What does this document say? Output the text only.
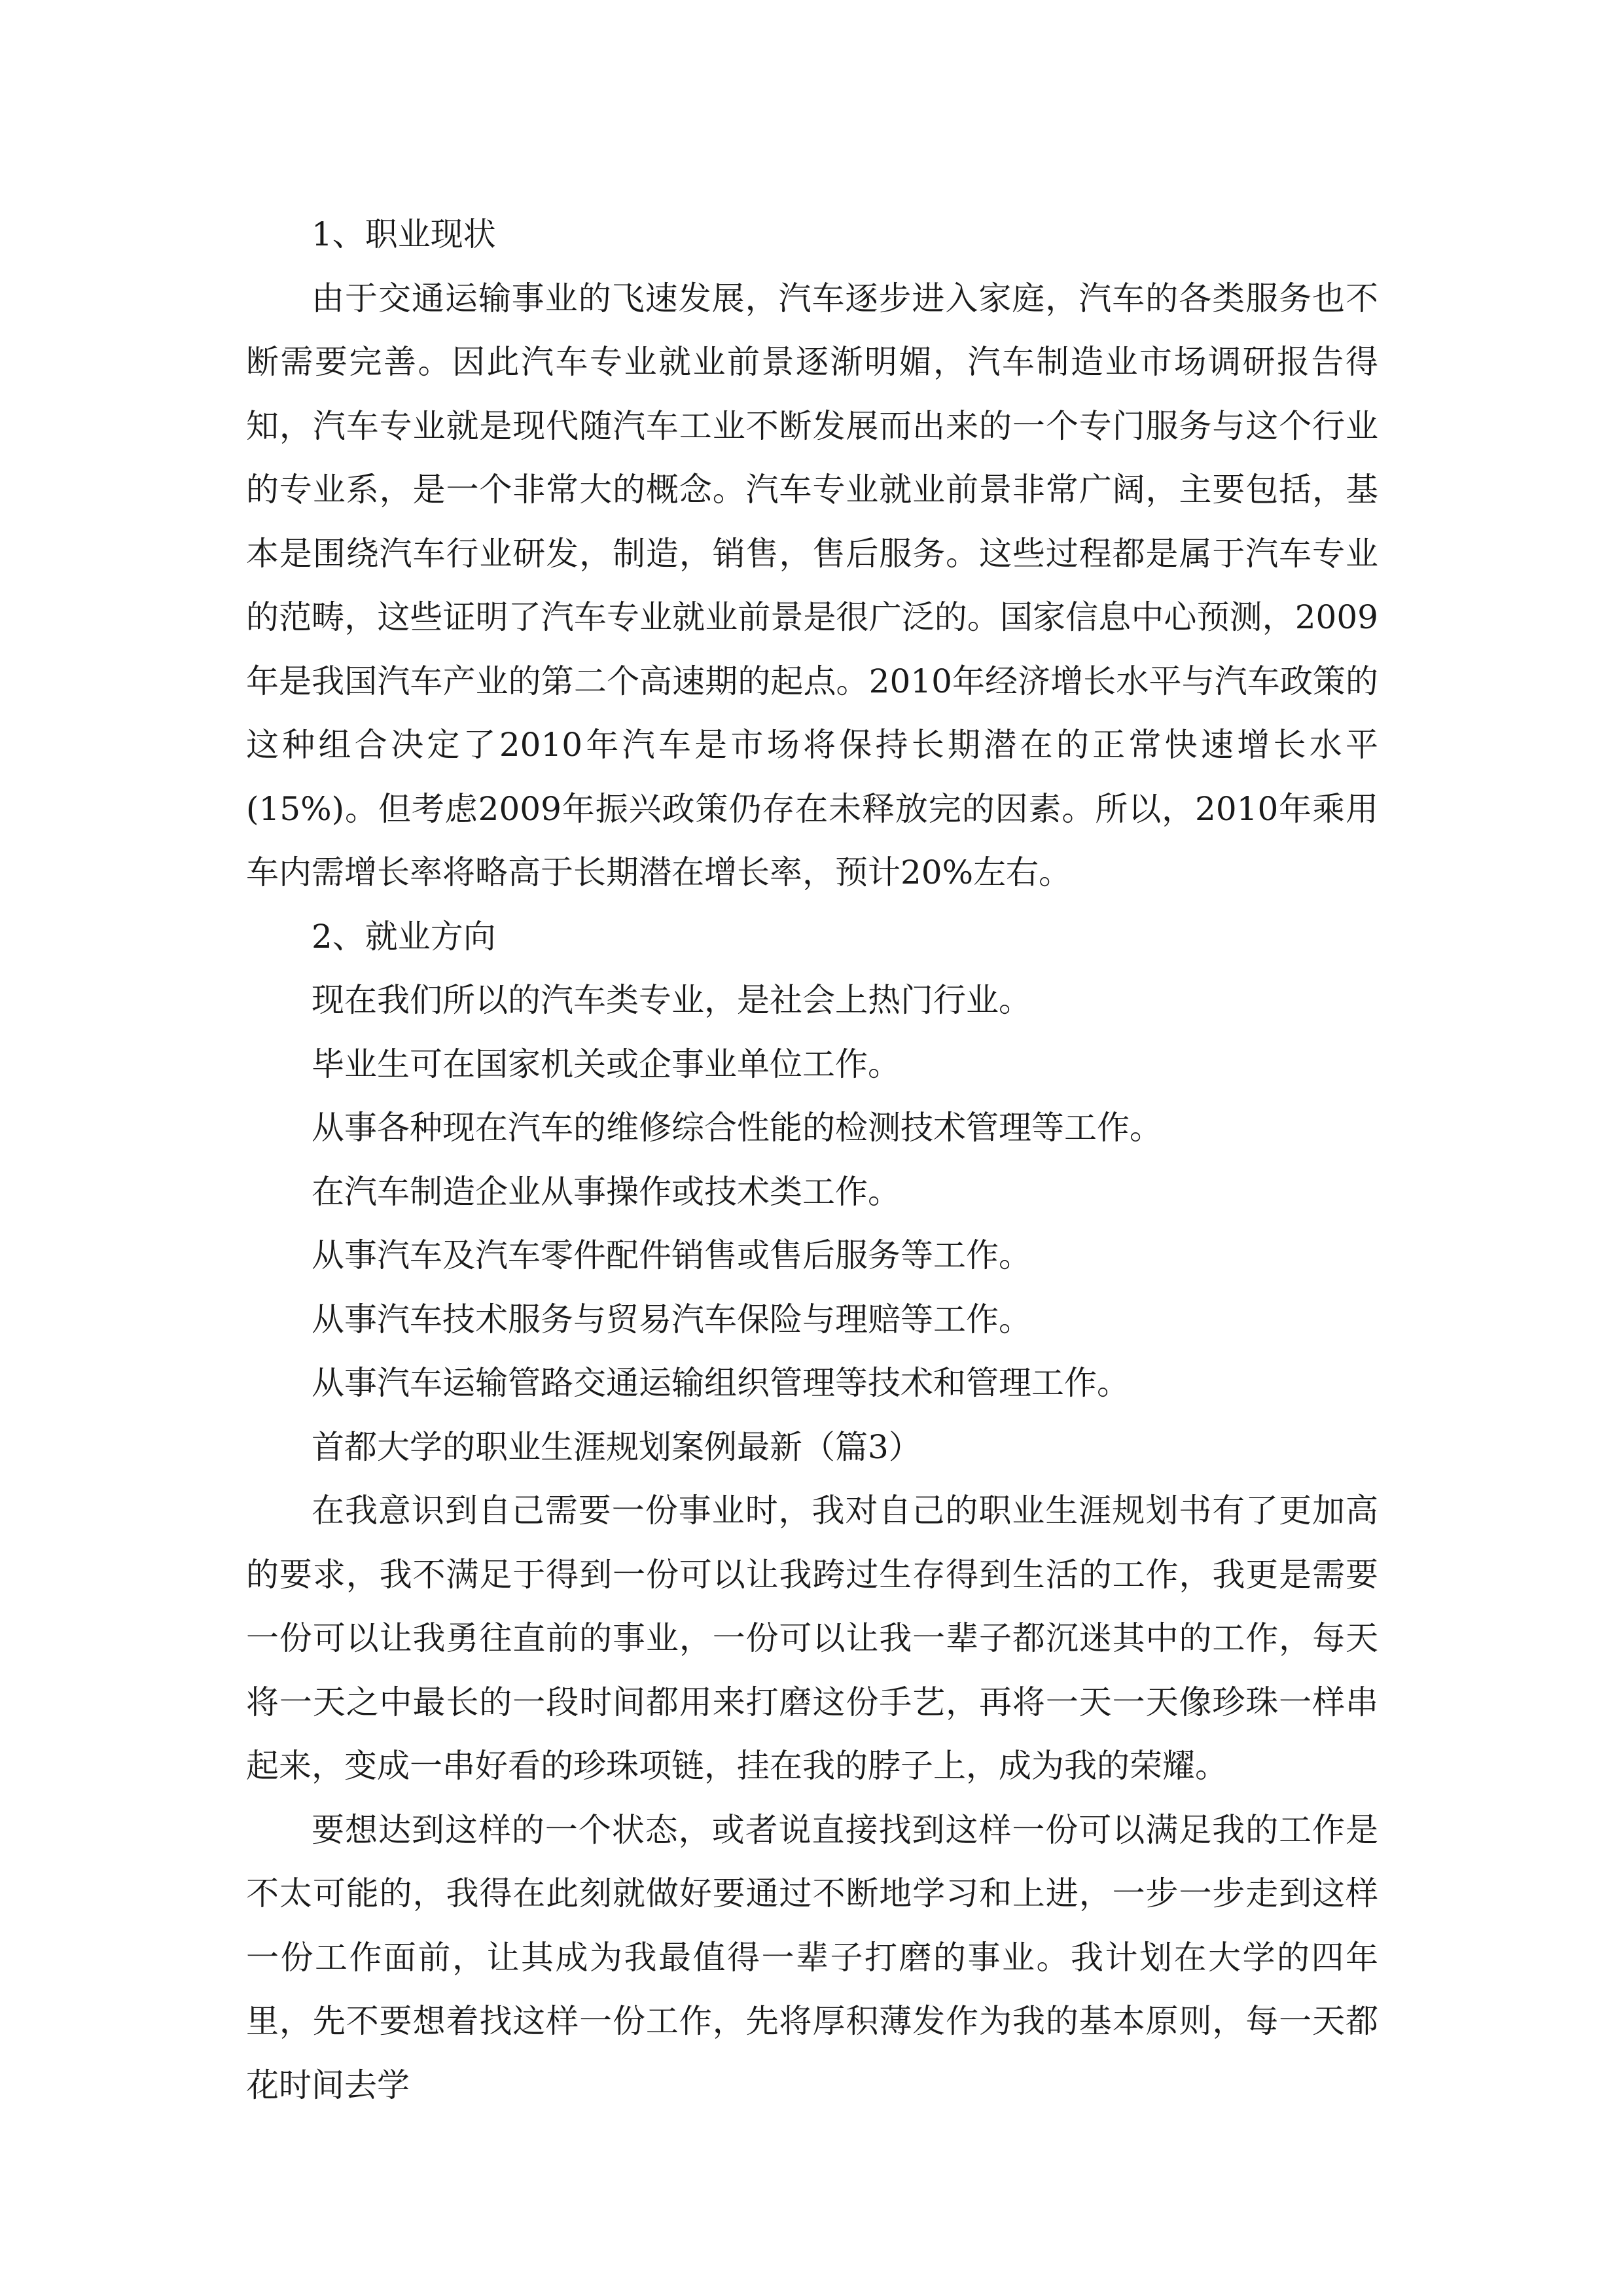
1、职业现状

由于交通运输事业的飞速发展，汽车逐步进入家庭，汽车的各类服务也不断需要完善。因此汽车专业就业前景逐渐明媚，汽车制造业市场调研报告得知，汽车专业就是现代随汽车工业不断发展而出来的一个专门服务与这个行业的专业系，是一个非常大的概念。汽车专业就业前景非常广阔，主要包括，基本是围绕汽车行业研发，制造，销售，售后服务。这些过程都是属于汽车专业的范畴，这些证明了汽车专业就业前景是很广泛的。国家信息中心预测，2009年是我国汽车产业的第二个高速期的起点。2010年经济增长水平与汽车政策的这种组合决定了2010年汽车是市场将保持长期潜在的正常快速增长水平(15%)。但考虑2009年振兴政策仍存在未释放完的因素。所以，2010年乘用车内需增长率将略高于长期潜在增长率，预计20%左右。

2、就业方向

现在我们所以的汽车类专业，是社会上热门行业。

毕业生可在国家机关或企事业单位工作。

从事各种现在汽车的维修综合性能的检测技术管理等工作。

在汽车制造企业从事操作或技术类工作。

从事汽车及汽车零件配件销售或售后服务等工作。

从事汽车技术服务与贸易汽车保险与理赔等工作。

从事汽车运输管路交通运输组织管理等技术和管理工作。

首都大学的职业生涯规划案例最新（篇3）

在我意识到自己需要一份事业时，我对自己的职业生涯规划书有了更加高的要求，我不满足于得到一份可以让我跨过生存得到生活的工作，我更是需要一份可以让我勇往直前的事业，一份可以让我一辈子都沉迷其中的工作，每天将一天之中最长的一段时间都用来打磨这份手艺，再将一天一天像珍珠一样串起来，变成一串好看的珍珠项链，挂在我的脖子上，成为我的荣耀。

要想达到这样的一个状态，或者说直接找到这样一份可以满足我的工作是不太可能的，我得在此刻就做好要通过不断地学习和上进，一步一步走到这样一份工作面前，让其成为我最值得一辈子打磨的事业。我计划在大学的四年里，先不要想着找这样一份工作，先将厚积薄发作为我的基本原则，每一天都花时间去学
